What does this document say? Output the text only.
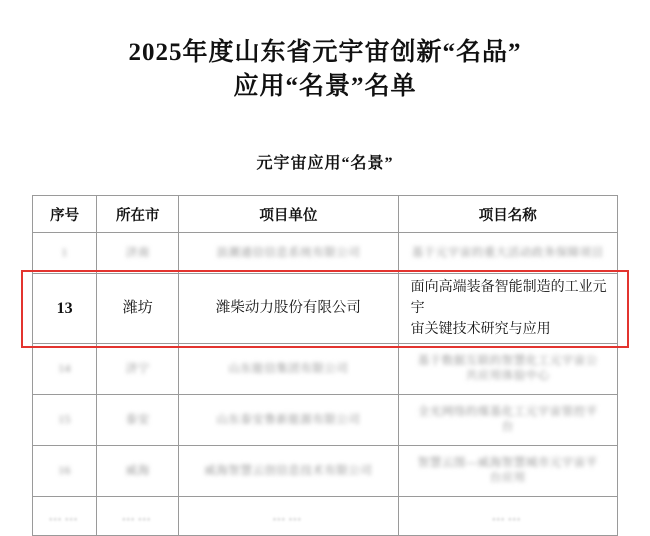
2025年度山东省元宇宙创新“名品”
应用“名景”名单
元宇宙应用“名景”
序号	所在市	项目单位	项目名称
1	济南	浪潮通信信息系统有限公司	基于元宇宙的重大活动政务保障项目
13	潍坊	潍柴动力股份有限公司	面向高端装备智能制造的工业元宇
宙关键技术研究与应用

14	济宁	山东能信集团有限公司	基于数据互联的智慧化工元宇宙公
共应用体验中心

15	泰安	山东泰安鲁新能源有限公司	全光网络的煤基化工元宇宙管控平
台

16	威海	威海智慧云创信息技术有限公司	智慧云图—威海智慧城市元宇宙平
台应用

……	……	……	……
